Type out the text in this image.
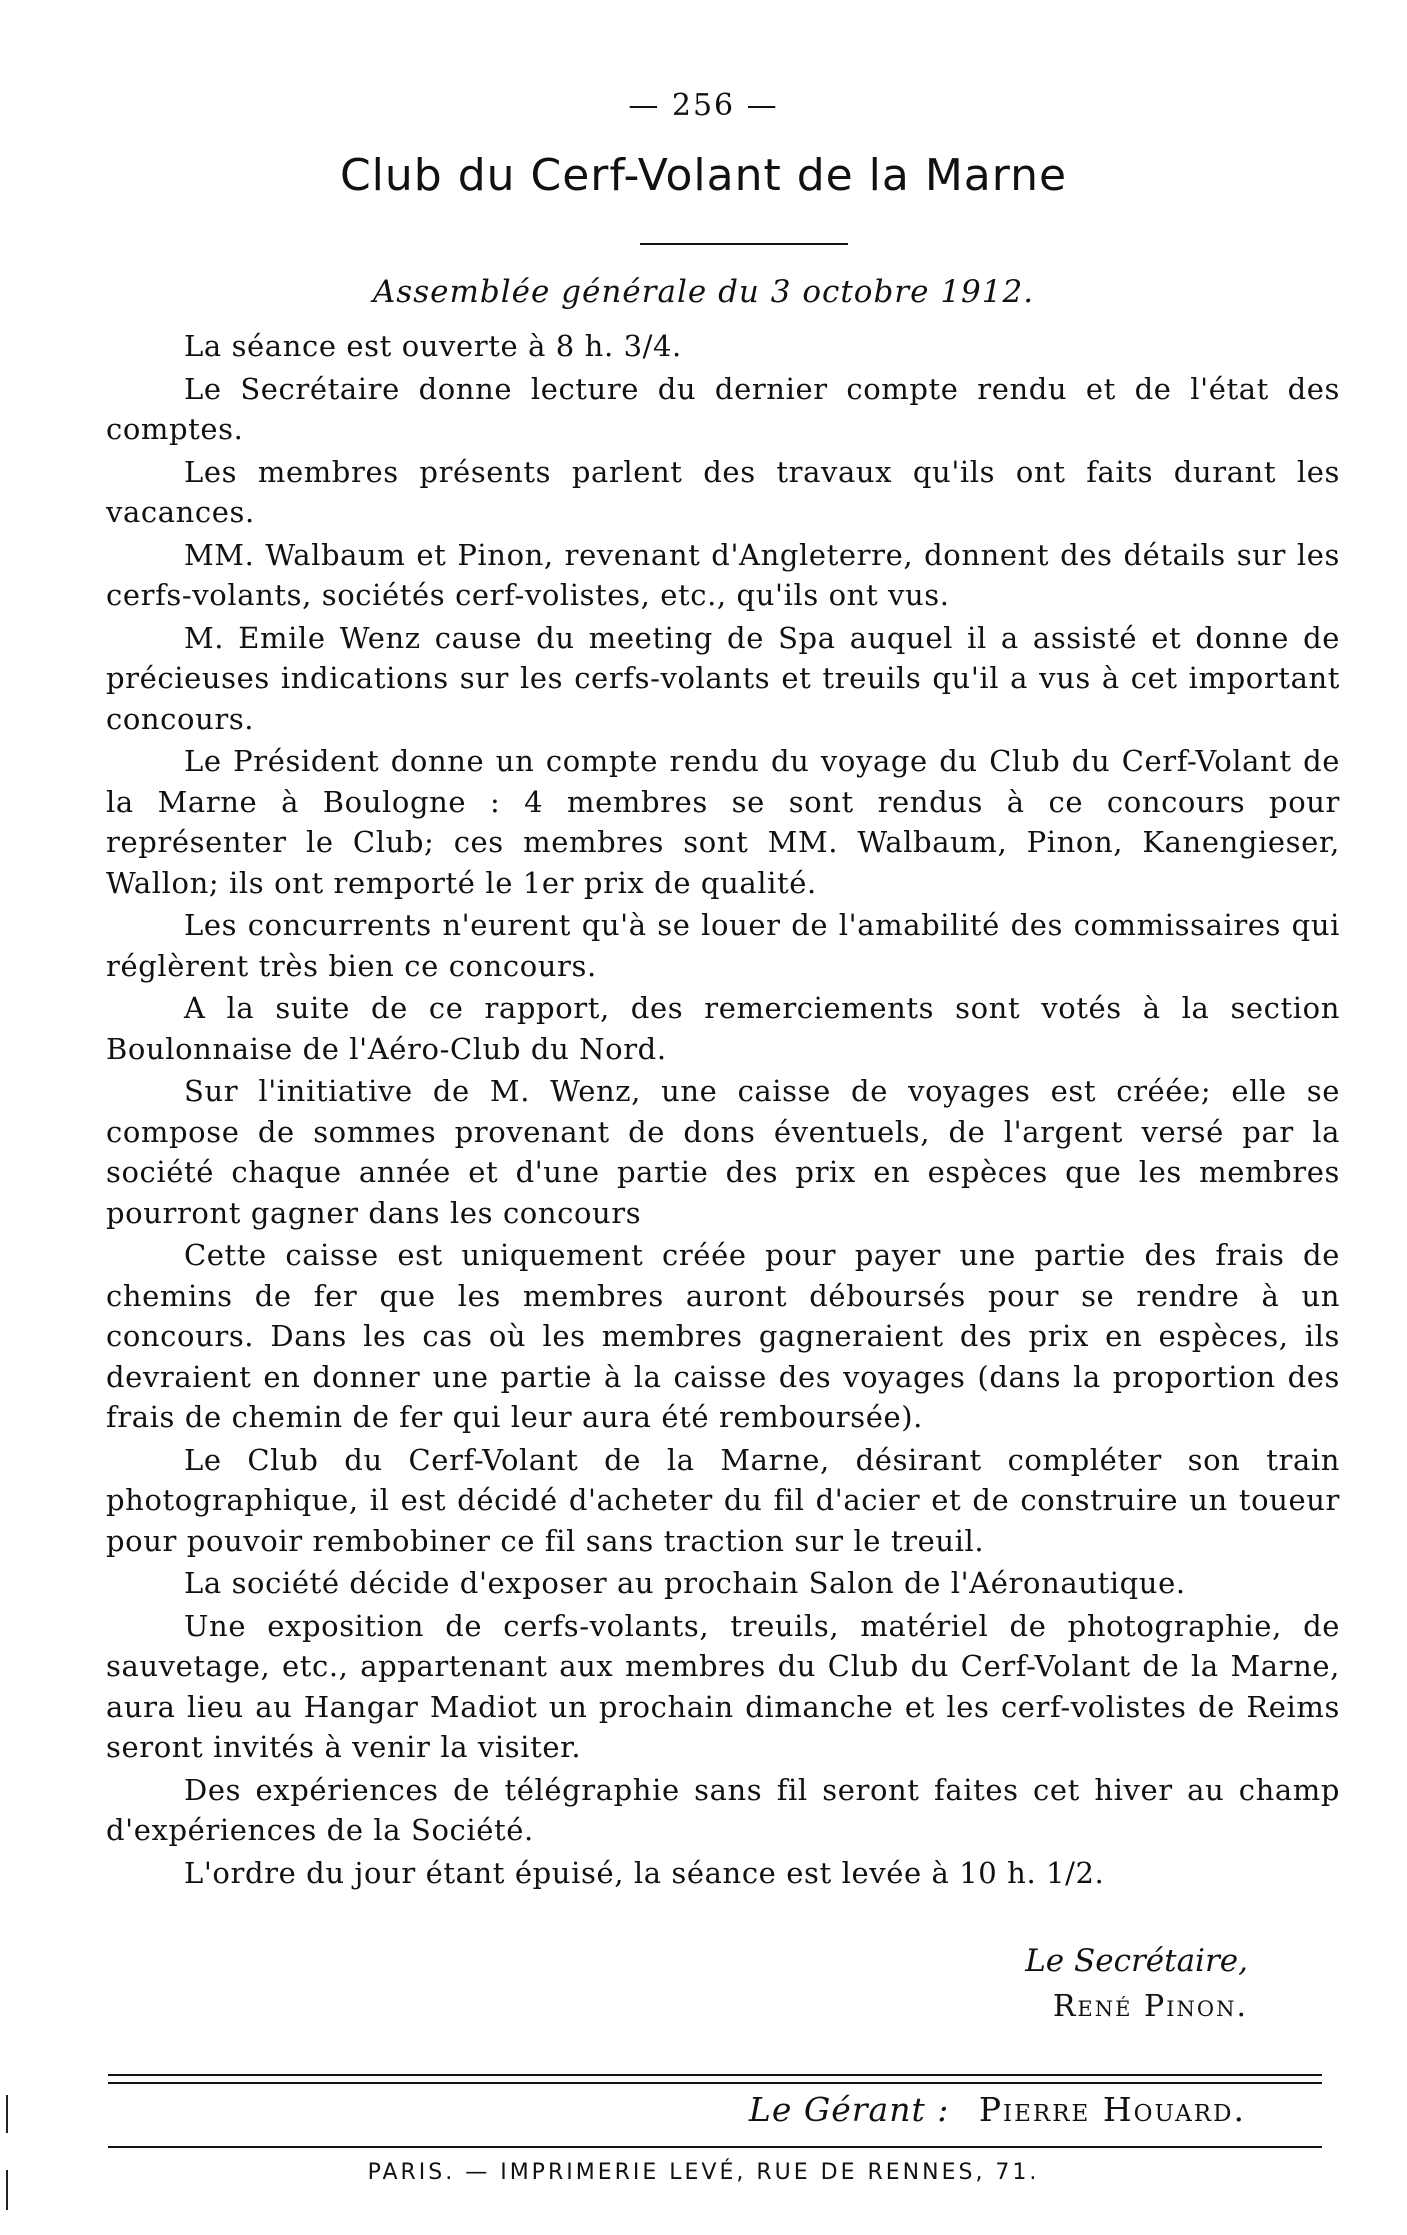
— 256 —
Club du Cerf-Volant de la Marne
Assemblée générale du 3 octobre 1912.

La séance est ouverte à 8 h. 3/4.

Le Secrétaire donne lecture du dernier compte rendu et de l'état des comptes.

Les membres présents parlent des travaux qu'ils ont faits durant les vacances.

MM. Walbaum et Pinon, revenant d'Angleterre, donnent des détails sur les cerfs-volants, sociétés cerf-volistes, etc., qu'ils ont vus.

M. Emile Wenz cause du meeting de Spa auquel il a assisté et donne de précieuses indications sur les cerfs-volants et treuils qu'il a vus à cet important concours.

Le Président donne un compte rendu du voyage du Club du Cerf-Volant de la Marne à Boulogne : 4 membres se sont rendus à ce concours pour représenter le Club; ces membres sont MM. Walbaum, Pinon, Kanengieser, Wallon; ils ont remporté le 1er prix de qualité.

Les concurrents n'eurent qu'à se louer de l'amabilité des commissaires qui réglèrent très bien ce concours.

A la suite de ce rapport, des remerciements sont votés à la section Boulonnaise de l'Aéro-Club du Nord.

Sur l'initiative de M. Wenz, une caisse de voyages est créée; elle se compose de sommes provenant de dons éventuels, de l'argent versé par la société chaque année et d'une partie des prix en espèces que les membres pourront gagner dans les concours

Cette caisse est uniquement créée pour payer une partie des frais de chemins de fer que les membres auront déboursés pour se rendre à un concours. Dans les cas où les membres gagneraient des prix en espèces, ils devraient en donner une partie à la caisse des voyages (dans la proportion des frais de chemin de fer qui leur aura été remboursée).

Le Club du Cerf-Volant de la Marne, désirant compléter son train photographique, il est décidé d'acheter du fil d'acier et de construire un toueur pour pouvoir rembobiner ce fil sans traction sur le treuil.

La société décide d'exposer au prochain Salon de l'Aéronautique.

Une exposition de cerfs-volants, treuils, matériel de photographie, de sauvetage, etc., appartenant aux membres du Club du Cerf-Volant de la Marne, aura lieu au Hangar Madiot un prochain dimanche et les cerf-volistes de Reims seront invités à venir la visiter.

Des expériences de télégraphie sans fil seront faites cet hiver au champ d'expériences de la Société.

L'ordre du jour étant épuisé, la séance est levée à 10 h. 1/2.

Le Secrétaire,
René Pinon.
Le Gérant : Pierre Houard.
PARIS. — IMPRIMERIE LEVÉ, RUE DE RENNES, 71.
